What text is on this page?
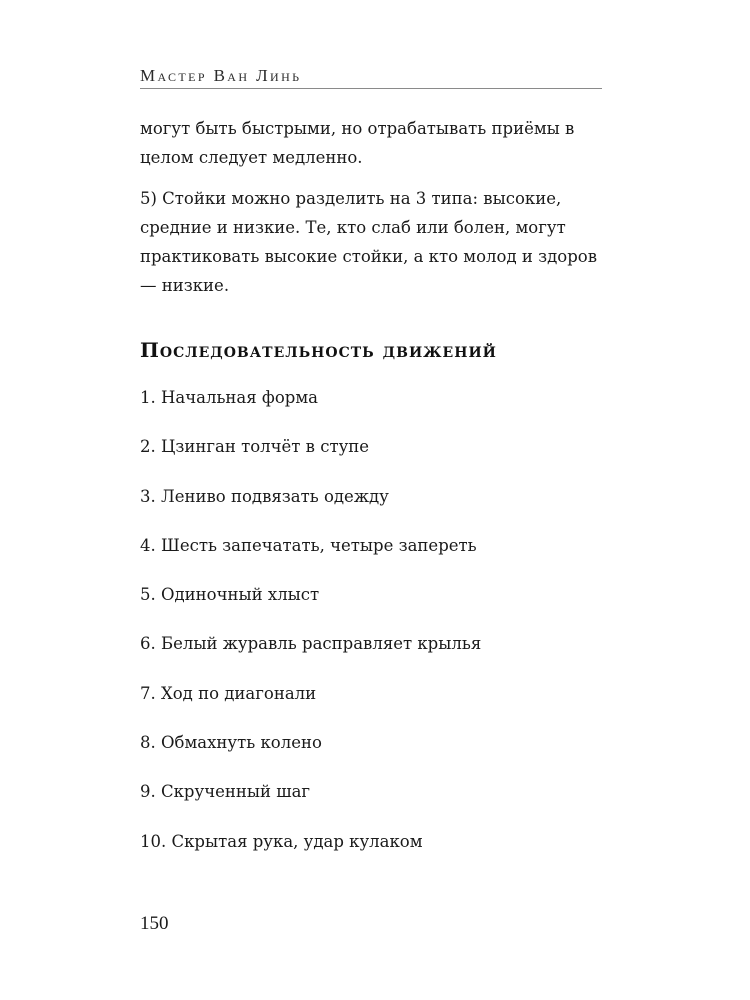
Мастер Ван Линь

могут быть быстрыми, но отрабатывать приёмы в целом следует медленно.

5) Стойки можно разделить на 3 типа: высокие, средние и низкие. Те, кто слаб или болен, могут практиковать высокие стойки, а кто молод и здоров — низкие.

Последовательность движений
1. Начальная форма
2. Цзинган толчёт в ступе
3. Лениво подвязать одежду
4. Шесть запечатать, четыре запереть
5. Одиночный хлыст
6. Белый журавль расправляет крылья
7. Ход по диагонали
8. Обмахнуть колено
9. Скрученный шаг
10. Скрытая рука, удар кулаком
150
